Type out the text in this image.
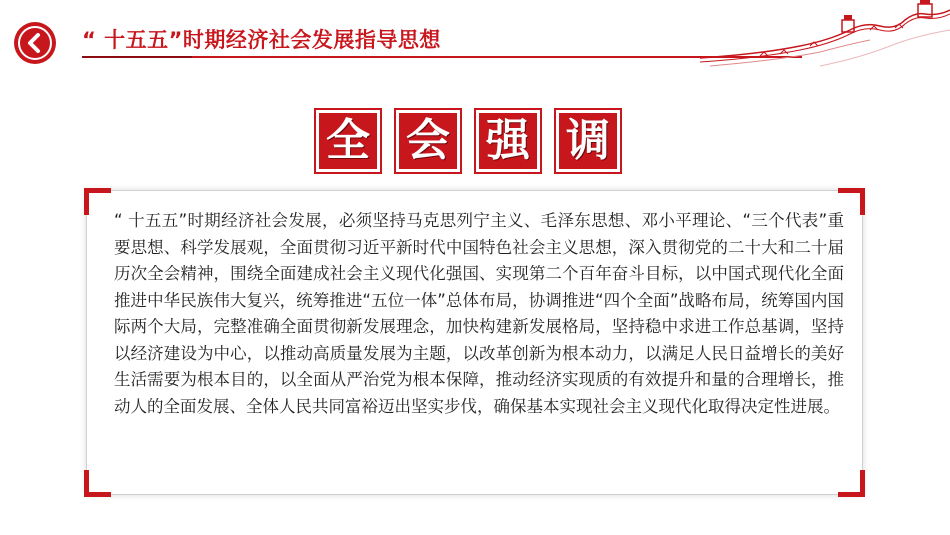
“ 十五五”时期经济社会发展指导思想
全 会 强 调
“ 十五五”时期经济社会发展，必须坚持马克思列宁主义、毛泽东思想、邓小平理论、“三个代表”重要思想、科学发展观，全面贯彻习近平新时代中国特色社会主义思想，深入贯彻党的二十大和二十届历次全会精神，围绕全面建成社会主义现代化强国、实现第二个百年奋斗目标，以中国式现代化全面推进中华民族伟大复兴，统筹推进“五位一体”总体布局，协调推进“四个全面”战略布局，统筹国内国际两个大局，完整准确全面贯彻新发展理念，加快构建新发展格局，坚持稳中求进工作总基调，坚持以经济建设为中心，以推动高质量发展为主题，以改革创新为根本动力，以满足人民日益增长的美好生活需要为根本目的，以全面从严治党为根本保障，推动经济实现质的有效提升和量的合理增长，推动人的全面发展、全体人民共同富裕迈出坚实步伐，确保基本实现社会主义现代化取得决定性进展。
